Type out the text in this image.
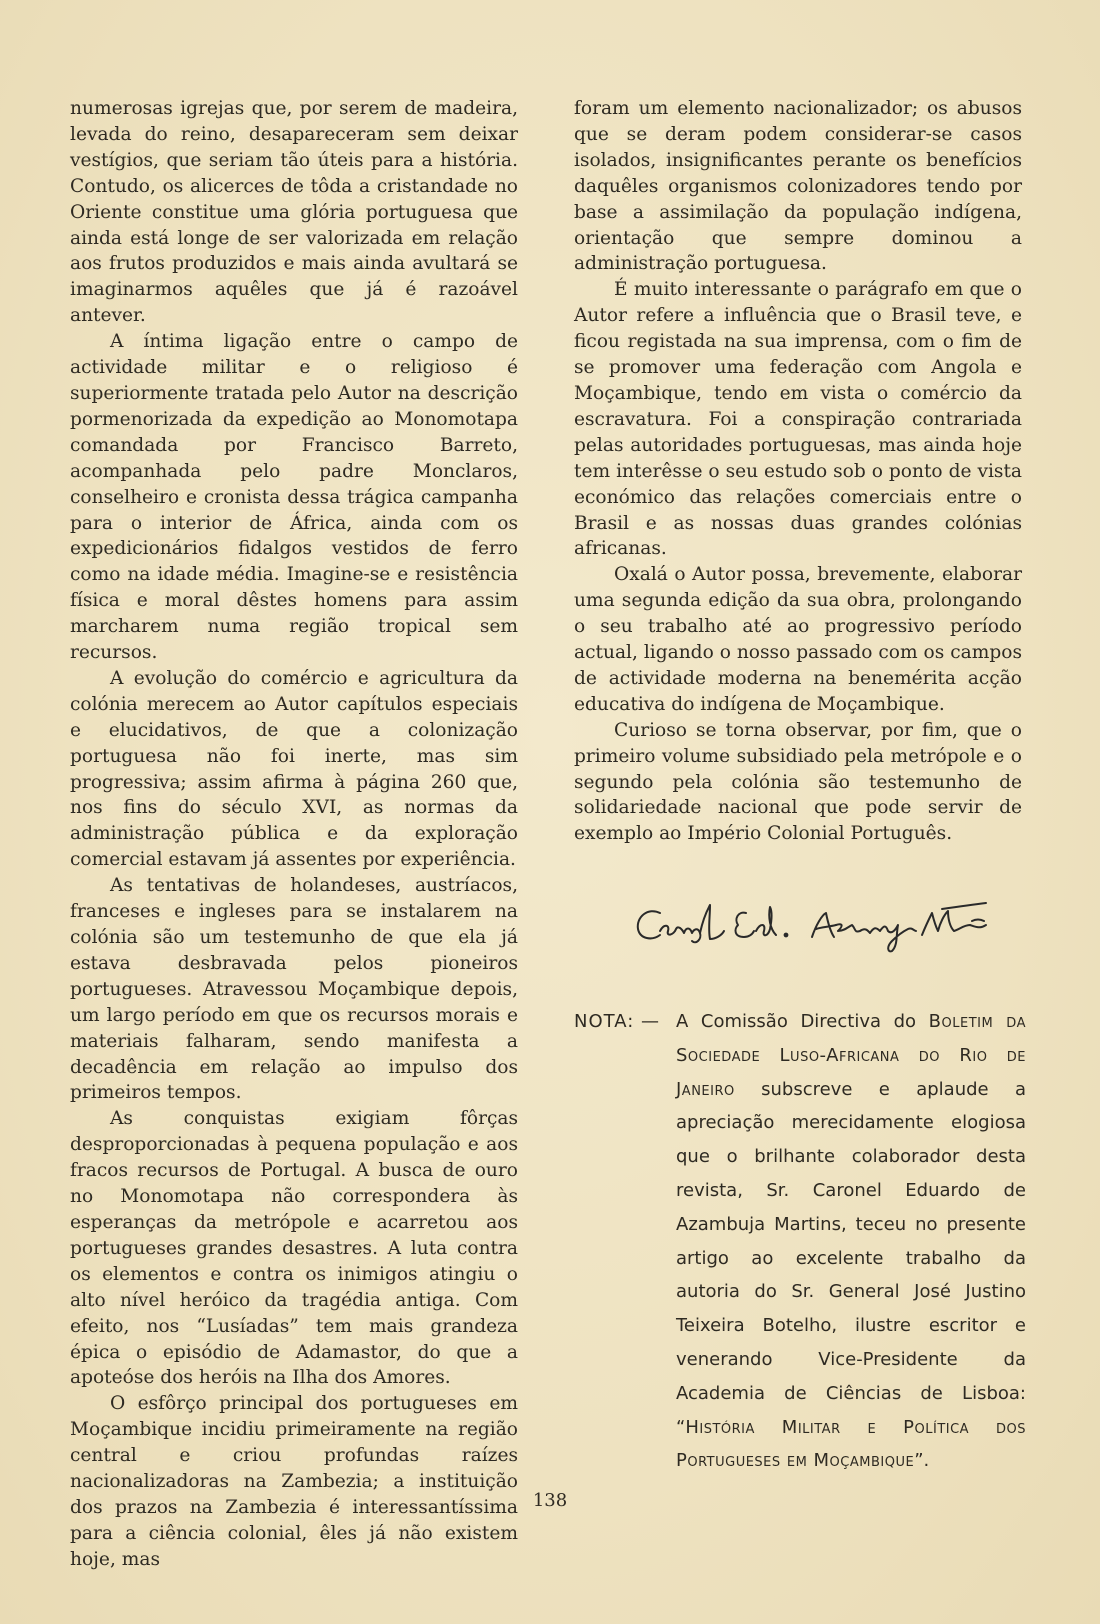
numerosas igrejas que, por serem de madeira, levada do reino, desapareceram sem deixar vestígios, que seriam tão úteis para a história. Contudo, os alicerces de tôda a cristandade no Oriente constitue uma glória portuguesa que ainda está longe de ser valorizada em relação aos frutos produzidos e mais ainda avultará se imaginarmos aquêles que já é razoável antever.

A íntima ligação entre o campo de actividade militar e o religioso é superiormente tratada pelo Autor na descrição pormenorizada da expedição ao Monomotapa comandada por Francisco Barreto, acompanhada pelo padre Monclaros, conselheiro e cronista dessa trágica campanha para o interior de África, ainda com os expedicionários fidalgos vestidos de ferro como na idade média. Imagine-se e resistência física e moral dêstes homens para assim marcharem numa região tropical sem recursos.

A evolução do comércio e agricultura da colónia merecem ao Autor capítulos especiais e elucidativos, de que a colonização portuguesa não foi inerte, mas sim progressiva; assim afirma à página 260 que, nos fins do século XVI, as normas da administração pública e da exploração comercial estavam já assentes por experiência.

As tentativas de holandeses, austríacos, franceses e ingleses para se instalarem na colónia são um testemunho de que ela já estava desbravada pelos pioneiros portugueses. Atravessou Moçambique depois, um largo período em que os recursos morais e materiais falharam, sendo manifesta a decadência em relação ao impulso dos primeiros tempos.

As conquistas exigiam fôrças desproporcionadas à pequena população e aos fracos recursos de Portugal. A busca de ouro no Monomotapa não correspondera às esperanças da metrópole e acarretou aos portugueses grandes desastres. A luta contra os elementos e contra os inimigos atingiu o alto nível heróico da tragédia antiga. Com efeito, nos “Lusíadas” tem mais grandeza épica o episódio de Adamastor, do que a apoteóse dos heróis na Ilha dos Amores.

O esfôrço principal dos portugueses em Moçambique incidiu primeiramente na região central e criou profundas raízes nacionalizadoras na Zambezia; a instituição dos prazos na Zambezia é interessantíssima para a ciência colonial, êles já não existem hoje, mas

foram um elemento nacionalizador; os abusos que se deram podem considerar-se casos isolados, insignificantes perante os benefícios daquêles organismos colonizadores tendo por base a assimilação da população indígena, orientação que sempre dominou a administração portuguesa.

É muito interessante o parágrafo em que o Autor refere a influência que o Brasil teve, e ficou registada na sua imprensa, com o fim de se promover uma federação com Angola e Moçambique, tendo em vista o comércio da escravatura. Foi a conspiração contrariada pelas autoridades portuguesas, mas ainda hoje tem interêsse o seu estudo sob o ponto de vista económico das relações comerciais entre o Brasil e as nossas duas grandes colónias africanas.

Oxalá o Autor possa, brevemente, elaborar uma segunda edição da sua obra, prolongando o seu trabalho até ao progressivo período actual, ligando o nosso passado com os campos de actividade moderna na benemérita acção educativa do indígena de Moçambique.

Curioso se torna observar, por fim, que o primeiro volume subsidiado pela metrópole e o segundo pela colónia são testemunho de solidariedade nacional que pode servir de exemplo ao Império Colonial Português.

NOTA: — A Comissão Directiva do Boletim da Sociedade Luso-Africana do Rio de Janeiro subscreve e aplaude a apreciação merecidamente elogiosa que o brilhante colaborador desta revista, Sr. Caronel Eduardo de Azambuja Martins, teceu no presente artigo ao excelente trabalho da autoria do Sr. General José Justino Teixeira Botelho, ilustre escritor e venerando Vice-Presidente da Academia de Ciências de Lisboa: “História Militar e Política dos Portugueses em Moçambique”.
138
